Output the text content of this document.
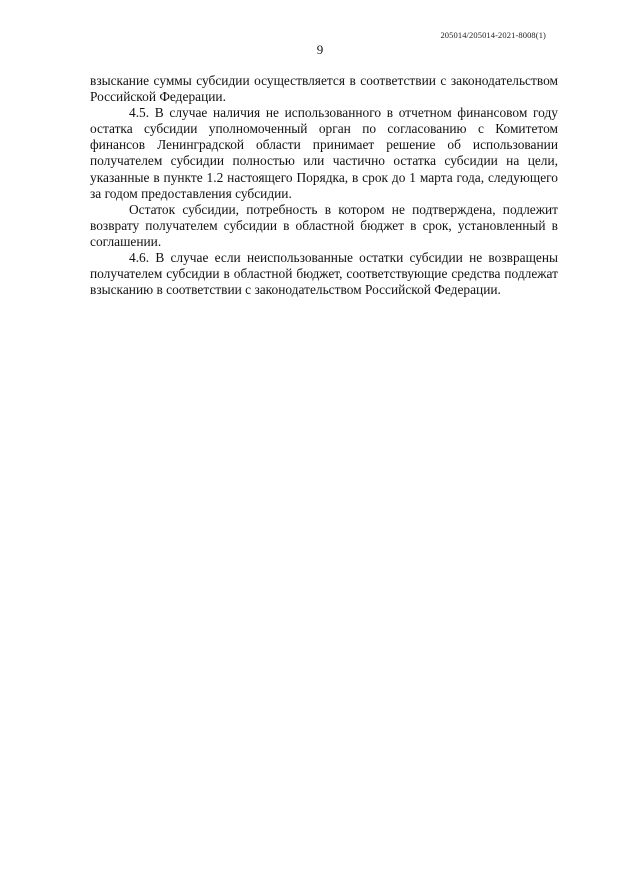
205014/205014-2021-8008(1)
9

взыскание суммы субсидии осуществляется в соответствии с законодательством Российской Федерации.

4.5. В случае наличия не использованного в отчетном финансовом году остатка субсидии уполномоченный орган по согласованию с Комитетом финансов Ленинградской области принимает решение об использовании получателем субсидии полностью или частично остатка субсидии на цели, указанные в пункте 1.2 настоящего Порядка, в срок до 1 марта года, следующего за годом предоставления субсидии.

Остаток субсидии, потребность в котором не подтверждена, подлежит возврату получателем субсидии в областной бюджет в срок, установленный в соглашении.

4.6. В случае если неиспользованные остатки субсидии не возвращены получателем субсидии в областной бюджет, соответствующие средства подлежат взысканию в соответствии с законодательством Российской Федерации.
